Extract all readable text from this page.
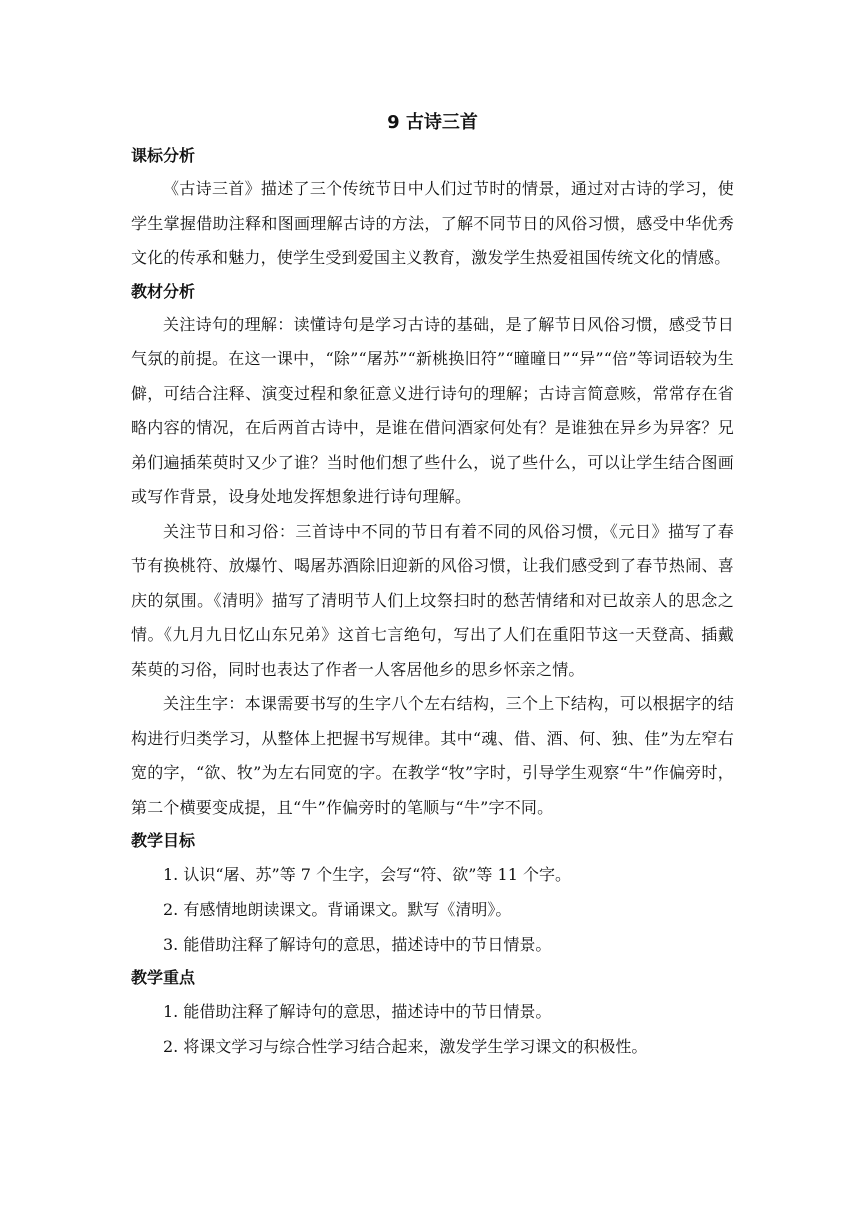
9 古诗三首
课标分析

《古诗三首》描述了三个传统节日中人们过节时的情景，通过对古诗的学习，使学生掌握借助注释和图画理解古诗的方法，了解不同节日的风俗习惯，感受中华优秀文化的传承和魅力，使学生受到爱国主义教育，激发学生热爱祖国传统文化的情感。

教材分析

关注诗句的理解：读懂诗句是学习古诗的基础，是了解节日风俗习惯，感受节日气氛的前提。在这一课中，“除”“屠苏”“新桃换旧符”“曈曈日”“异”“倍”等词语较为生僻，可结合注释、演变过程和象征意义进行诗句的理解；古诗言简意赅，常常存在省略内容的情况，在后两首古诗中，是谁在借问酒家何处有？是谁独在异乡为异客？兄弟们遍插茱萸时又少了谁？当时他们想了些什么，说了些什么，可以让学生结合图画或写作背景，设身处地发挥想象进行诗句理解。

关注节日和习俗：三首诗中不同的节日有着不同的风俗习惯，《元日》描写了春节有换桃符、放爆竹、喝屠苏酒除旧迎新的风俗习惯，让我们感受到了春节热闹、喜庆的氛围。《清明》描写了清明节人们上坟祭扫时的愁苦情绪和对已故亲人的思念之情。《九月九日忆山东兄弟》这首七言绝句，写出了人们在重阳节这一天登高、插戴茱萸的习俗，同时也表达了作者一人客居他乡的思乡怀亲之情。

关注生字：本课需要书写的生字八个左右结构，三个上下结构，可以根据字的结构进行归类学习，从整体上把握书写规律。其中“魂、借、酒、何、独、佳”为左窄右宽的字，“欲、牧”为左右同宽的字。在教学“牧”字时，引导学生观察“牛”作偏旁时，第二个横要变成提，且“牛”作偏旁时的笔顺与“牛”字不同。

教学目标

1. 认识“屠、苏”等 7 个生字，会写“符、欲”等 11 个字。

2. 有感情地朗读课文。背诵课文。默写《清明》。

3. 能借助注释了解诗句的意思，描述诗中的节日情景。

教学重点

1. 能借助注释了解诗句的意思，描述诗中的节日情景。

2. 将课文学习与综合性学习结合起来，激发学生学习课文的积极性。
